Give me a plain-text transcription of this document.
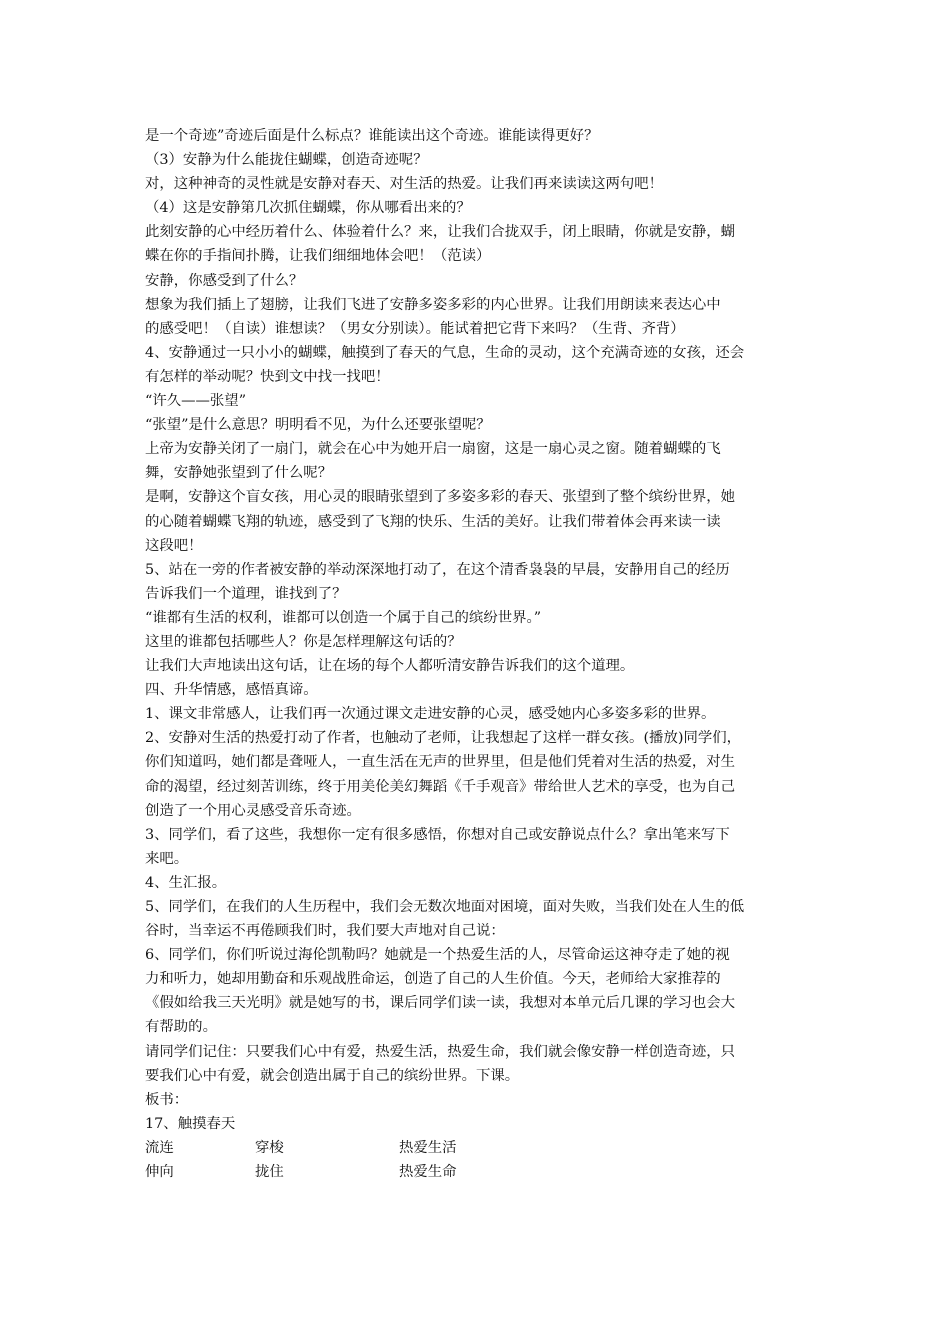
是一个奇迹”奇迹后面是什么标点？谁能读出这个奇迹。谁能读得更好？
（3）安静为什么能拢住蝴蝶，创造奇迹呢？
对，这种神奇的灵性就是安静对春天、对生活的热爱。让我们再来读读这两句吧！
（4）这是安静第几次抓住蝴蝶，你从哪看出来的？
此刻安静的心中经历着什么、体验着什么？来，让我们合拢双手，闭上眼睛，你就是安静，蝴
蝶在你的手指间扑腾，让我们细细地体会吧！（范读）
安静，你感受到了什么？
想象为我们插上了翅膀，让我们飞进了安静多姿多彩的内心世界。让我们用朗读来表达心中
的感受吧！（自读）谁想读？（男女分别读）。能试着把它背下来吗？（生背、齐背）
4、安静通过一只小小的蝴蝶，触摸到了春天的气息，生命的灵动，这个充满奇迹的女孩，还会
有怎样的举动呢？快到文中找一找吧！
“许久——张望”
“张望”是什么意思？明明看不见，为什么还要张望呢？
上帝为安静关闭了一扇门，就会在心中为她开启一扇窗，这是一扇心灵之窗。随着蝴蝶的飞
舞，安静她张望到了什么呢？
是啊，安静这个盲女孩，用心灵的眼睛张望到了多姿多彩的春天、张望到了整个缤纷世界，她
的心随着蝴蝶飞翔的轨迹，感受到了飞翔的快乐、生活的美好。让我们带着体会再来读一读
这段吧！
5、站在一旁的作者被安静的举动深深地打动了，在这个清香袅袅的早晨，安静用自己的经历
告诉我们一个道理，谁找到了？
“谁都有生活的权利，谁都可以创造一个属于自己的缤纷世界。”
这里的谁都包括哪些人？你是怎样理解这句话的？
让我们大声地读出这句话，让在场的每个人都听清安静告诉我们的这个道理。
四、升华情感，感悟真谛。
1、课文非常感人，让我们再一次通过课文走进安静的心灵，感受她内心多姿多彩的世界。
2、安静对生活的热爱打动了作者，也触动了老师，让我想起了这样一群女孩。(播放)同学们，
你们知道吗，她们都是聋哑人，一直生活在无声的世界里，但是他们凭着对生活的热爱，对生
命的渴望，经过刻苦训练，终于用美伦美幻舞蹈《千手观音》带给世人艺术的享受，也为自己
创造了一个用心灵感受音乐奇迹。
3、同学们，看了这些，我想你一定有很多感悟，你想对自己或安静说点什么？拿出笔来写下
来吧。
4、生汇报。
5、同学们，在我们的人生历程中，我们会无数次地面对困境，面对失败，当我们处在人生的低
谷时，当幸运不再倦顾我们时，我们要大声地对自己说：
6、同学们，你们听说过海伦凯勒吗？她就是一个热爱生活的人，尽管命运这神夺走了她的视
力和听力，她却用勤奋和乐观战胜命运，创造了自己的人生价值。今天，老师给大家推荐的
《假如给我三天光明》就是她写的书，课后同学们读一读，我想对本单元后几课的学习也会大
有帮助的。
请同学们记住：只要我们心中有爱，热爱生活，热爱生命，我们就会像安静一样创造奇迹，只
要我们心中有爱，就会创造出属于自己的缤纷世界。下课。
板书：
17、触摸春天
流连	穿梭	热爱生活
伸向	拢住	热爱生命
